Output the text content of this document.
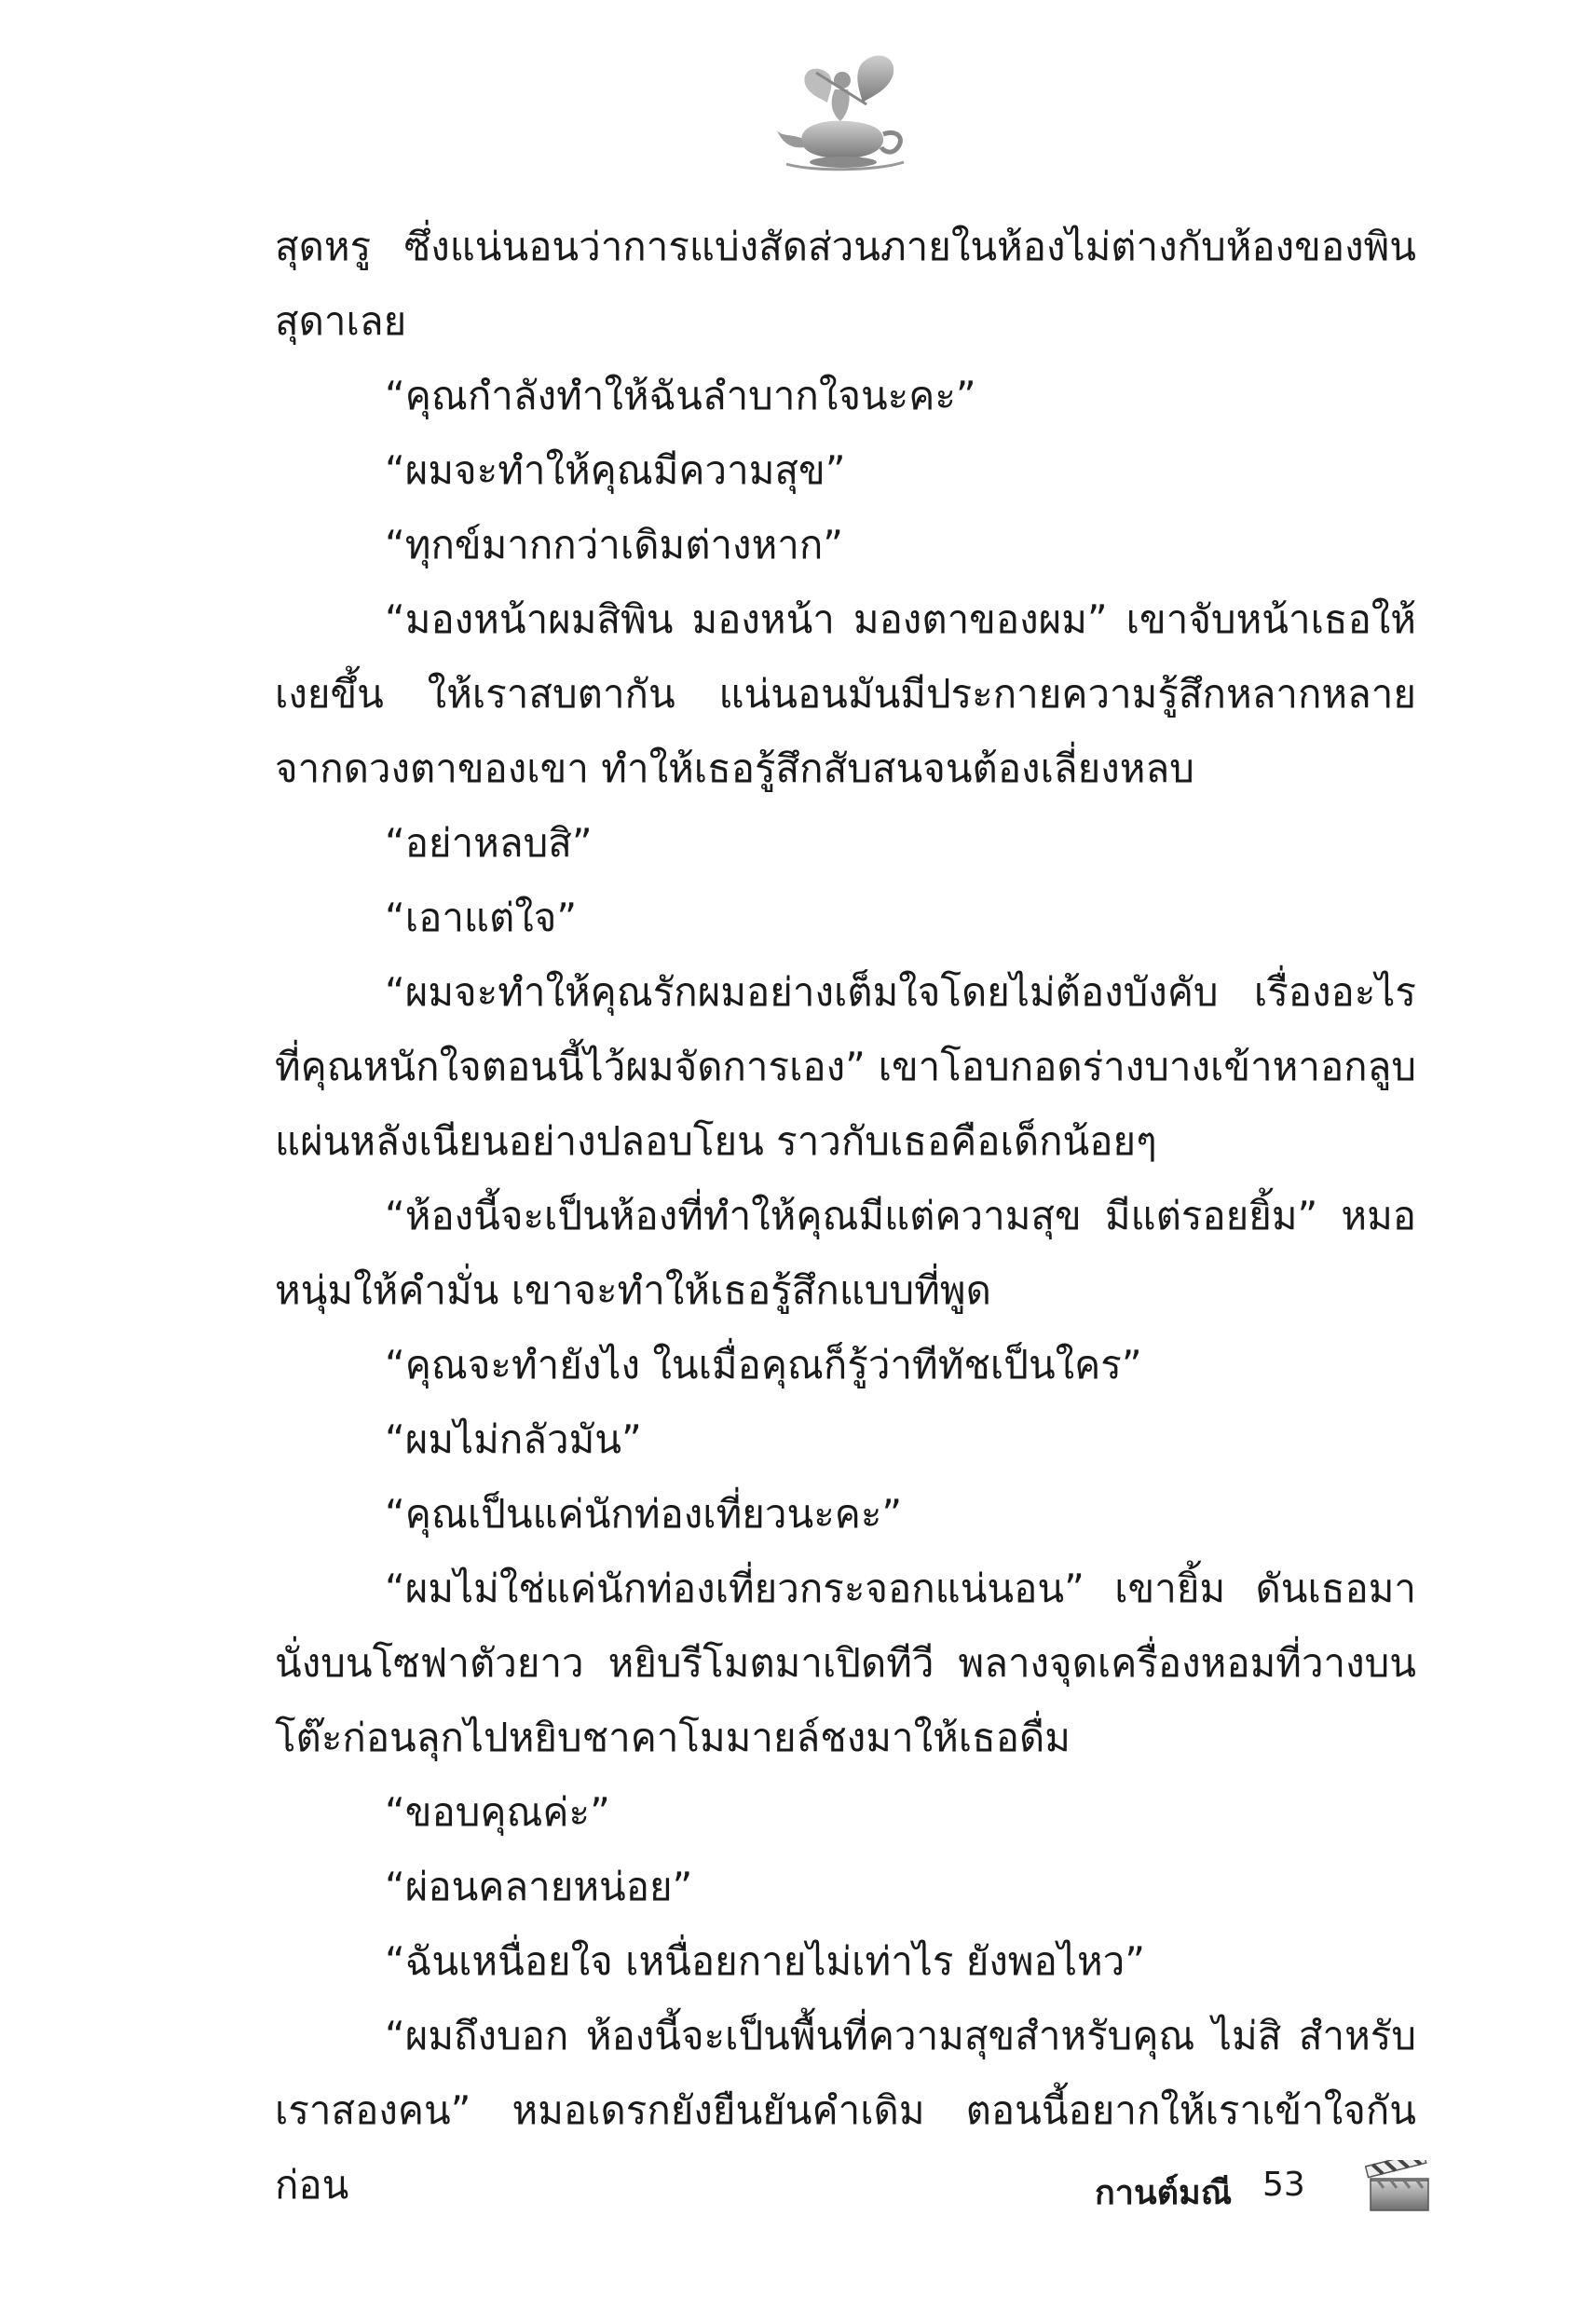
สุดหรู ซึ่งแน่นอนว่าการแบ่งสัดส่วนภายในห้องไม่ต่างกับห้องของพินสุดาเลย

“คุณกำลังทำให้ฉันลำบากใจนะคะ”

“ผมจะทำให้คุณมีความสุข”

“ทุกข์มากกว่าเดิมต่างหาก”

“มองหน้าผมสิพิน มองหน้า มองตาของผม” เขาจับหน้าเธอให้เงยขึ้น ให้เราสบตากัน แน่นอนมันมีประกายความรู้สึกหลากหลายจากดวงตาของเขา ทำให้เธอรู้สึกสับสนจนต้องเลี่ยงหลบ

“อย่าหลบสิ”

“เอาแต่ใจ”

“ผมจะทำให้คุณรักผมอย่างเต็มใจโดยไม่ต้องบังคับ เรื่องอะไรที่คุณหนักใจตอนนี้ไว้ผมจัดการเอง” เขาโอบกอดร่างบางเข้าหาอกลูบแผ่นหลังเนียนอย่างปลอบโยน ราวกับเธอคือเด็กน้อยๆ

“ห้องนี้จะเป็นห้องที่ทำให้คุณมีแต่ความสุข มีแต่รอยยิ้ม” หมอหนุ่มให้คำมั่น เขาจะทำให้เธอรู้สึกแบบที่พูด

“คุณจะทำยังไง ในเมื่อคุณก็รู้ว่าทีทัชเป็นใคร”

“ผมไม่กลัวมัน”

“คุณเป็นแค่นักท่องเที่ยวนะคะ”

“ผมไม่ใช่แค่นักท่องเที่ยวกระจอกแน่นอน” เขายิ้ม ดันเธอมานั่งบนโซฟาตัวยาว หยิบรีโมตมาเปิดทีวี พลางจุดเครื่องหอมที่วางบนโต๊ะก่อนลุกไปหยิบชาคาโมมายล์ชงมาให้เธอดื่ม

“ขอบคุณค่ะ”

“ผ่อนคลายหน่อย”

“ฉันเหนื่อยใจ เหนื่อยกายไม่เท่าไร ยังพอไหว”

“ผมถึงบอก ห้องนี้จะเป็นพื้นที่ความสุขสำหรับคุณ ไม่สิ สำหรับเราสองคน” หมอเดรกยังยืนยันคำเดิม ตอนนี้อยากให้เราเข้าใจกันก่อน	กานต์มณี 53
